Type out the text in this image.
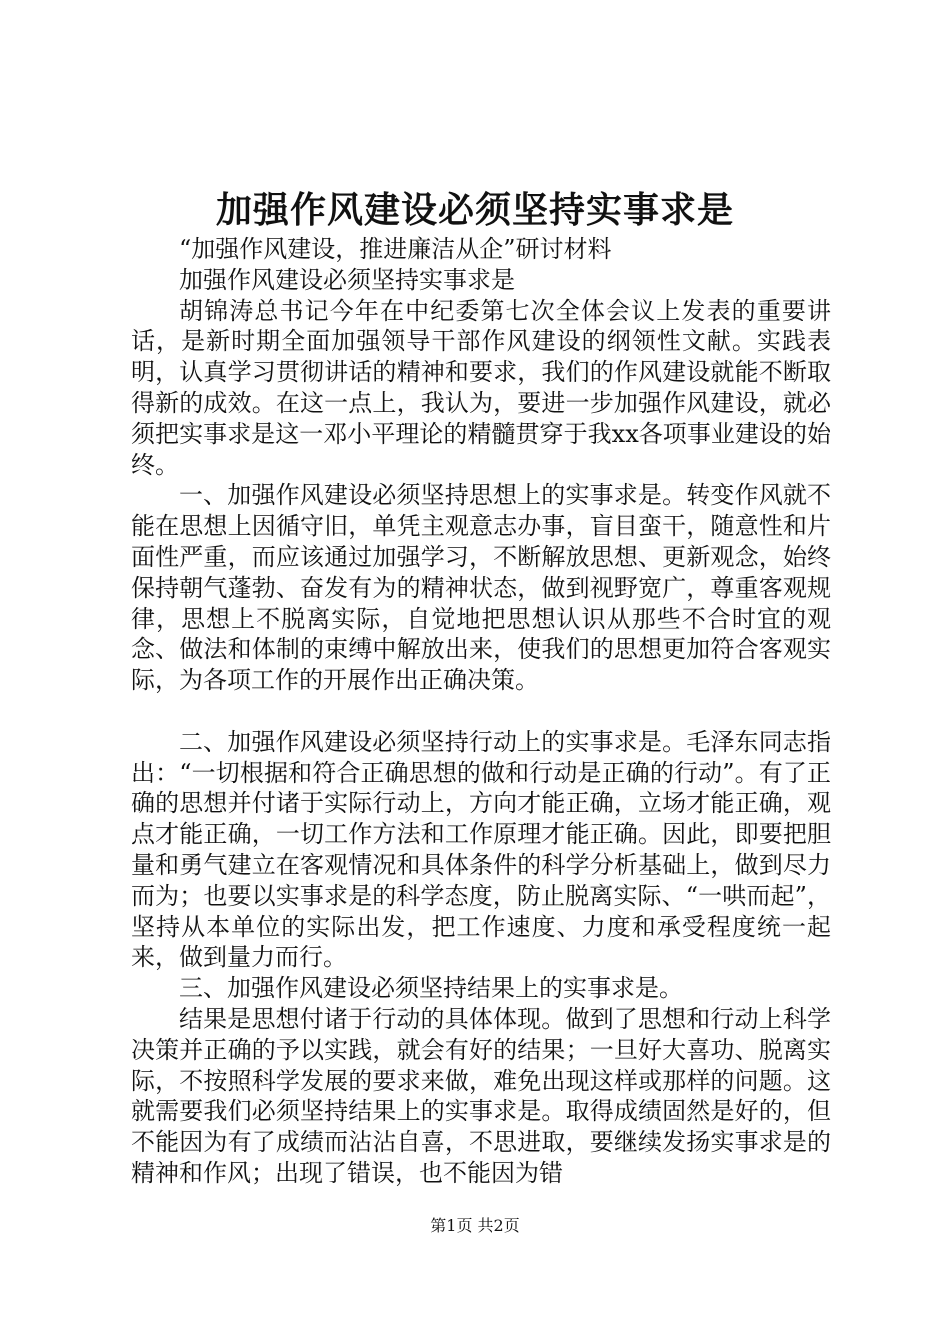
加强作风建设必须坚持实事求是

“加强作风建设，推进廉洁从企”研讨材料

加强作风建设必须坚持实事求是

胡锦涛总书记今年在中纪委第七次全体会议上发表的重要讲话，是新时期全面加强领导干部作风建设的纲领性文献。实践表明，认真学习贯彻讲话的精神和要求，我们的作风建设就能不断取得新的成效。在这一点上，我认为，要进一步加强作风建设，就必须把实事求是这一邓小平理论的精髓贯穿于我xx各项事业建设的始终。

一、加强作风建设必须坚持思想上的实事求是。转变作风就不能在思想上因循守旧，单凭主观意志办事，盲目蛮干，随意性和片面性严重，而应该通过加强学习，不断解放思想、更新观念，始终保持朝气蓬勃、奋发有为的精神状态，做到视野宽广，尊重客观规律，思想上不脱离实际，自觉地把思想认识从那些不合时宜的观念、做法和体制的束缚中解放出来，使我们的思想更加符合客观实际，为各项工作的开展作出正确决策。

二、加强作风建设必须坚持行动上的实事求是。毛泽东同志指出：“一切根据和符合正确思想的做和行动是正确的行动”。有了正确的思想并付诸于实际行动上，方向才能正确，立场才能正确，观点才能正确，一切工作方法和工作原理才能正确。因此，即要把胆量和勇气建立在客观情况和具体条件的科学分析基础上，做到尽力而为；也要以实事求是的科学态度，防止脱离实际、“一哄而起”，坚持从本单位的实际出发，把工作速度、力度和承受程度统一起来，做到量力而行。

三、加强作风建设必须坚持结果上的实事求是。

结果是思想付诸于行动的具体体现。做到了思想和行动上科学决策并正确的予以实践，就会有好的结果；一旦好大喜功、脱离实际，不按照科学发展的要求来做，难免出现这样或那样的问题。这就需要我们必须坚持结果上的实事求是。取得成绩固然是好的，但不能因为有了成绩而沾沾自喜，不思进取，要继续发扬实事求是的精神和作风；出现了错误，也不能因为错

第1页 共2页
